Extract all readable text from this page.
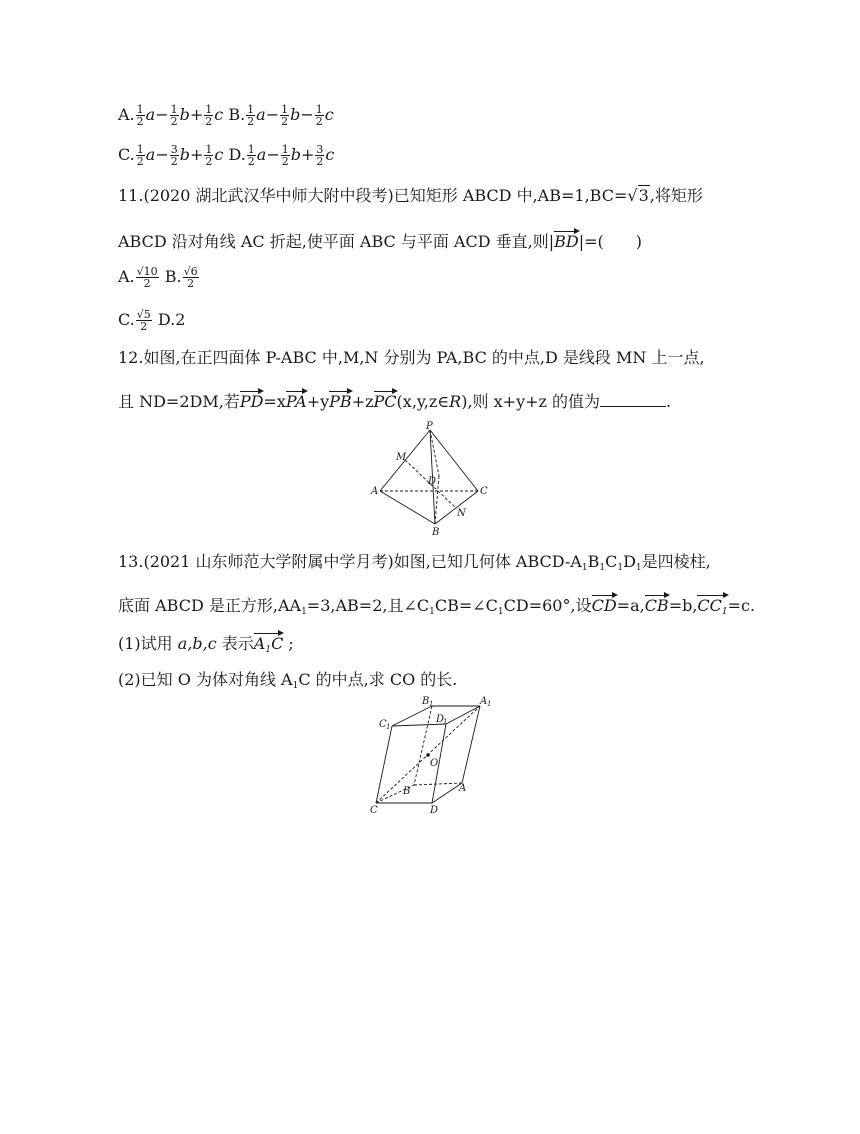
A. $\frac{1}{2} a- \frac{1}{2} b+ \frac{1}{2}$ c B. $\frac{1}{2} a- \frac{1}{2} b- \frac{1}{2}$ c
C. $\frac{1}{2} a- \frac{3}{2} b+ \frac{1}{2}$ c D. $\frac{1}{2} a- \frac{1}{2} b+ \frac{3}{2}$ c
11.(2020 湖北武汉华中师大附中段考)已知矩形 ABCD 中,AB=1,BC=√3,将矩形
ABCD 沿对角线 AC 折起,使平面 ABC 与平面 ACD 垂直,则|BD|=(　　)
A. $\frac{√10}{2} B$. $\frac{√6}{2}$
C. $\frac{√5}{2} D.2$
12.如图,在正四面体 P-ABC 中,M,N 分别为 PA,BC 的中点,D 是线段 MN 上一点,
且 ND=2DM,若PD=xPA+yPB+zPC(x,y,z∈R),则 x+y+z 的值为	.
P
M
D
A	C
N
B
13.(2021 山东师范大学附属中学月考)如图,已知几何体 ABCD-$A_1B_1C_1D_1$是四棱柱,
底面 ABCD 是正方形$,AA_1=3,AB=2$,且$\angle C_1CB=\angle C_1CD=60^\circ$,设$CD=a,CB=b,CC_1=c$.
(1)试用 a,b,c 表示$A_1C$ ;
(2)已知 O 为体对角线 $A_1C$ 的中点,求 CO 的长.
B 1	A 1
C 1
D
1
O
B	A
C	D
